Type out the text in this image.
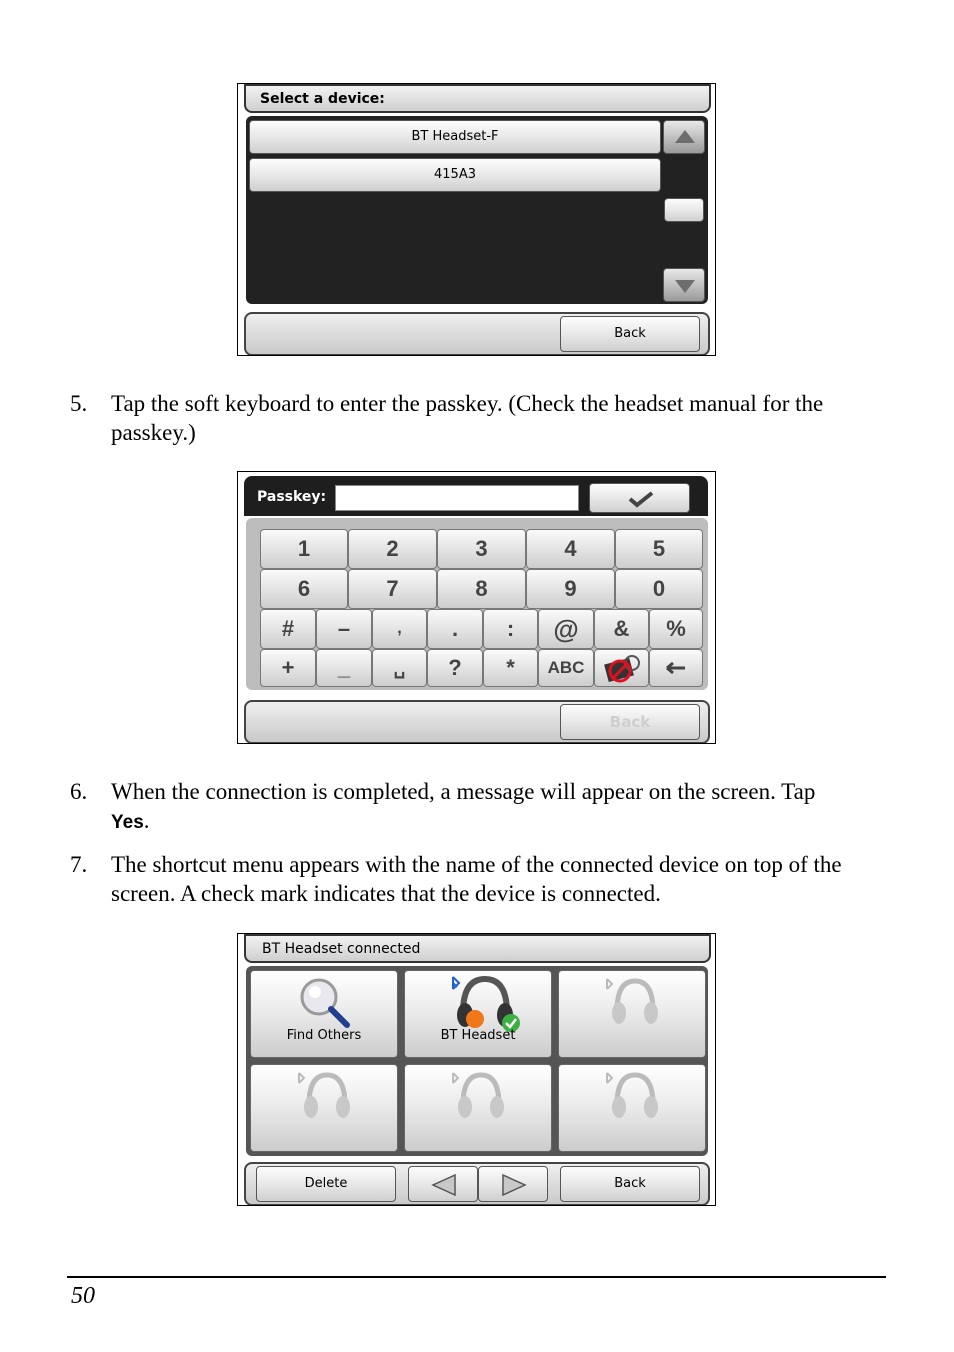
Select a device:
BT Headset-F
415A3
Back
5. Tap the soft keyboard to enter the passkey. (Check the headset manual for the passkey.)
Passkey:
1	2	3	4	5
6	7	8	9	0
#	–	,	.	:	@	&	%
+	_	␣	?	*	ABC
Back
6. When the connection is completed, a message will appear on the screen. Tap
Yes.
7. The shortcut menu appears with the name of the connected device on top of the screen. A check mark indicates that the device is connected.
BT Headset connected
Find Others	BT Headset
Delete	Back
50
